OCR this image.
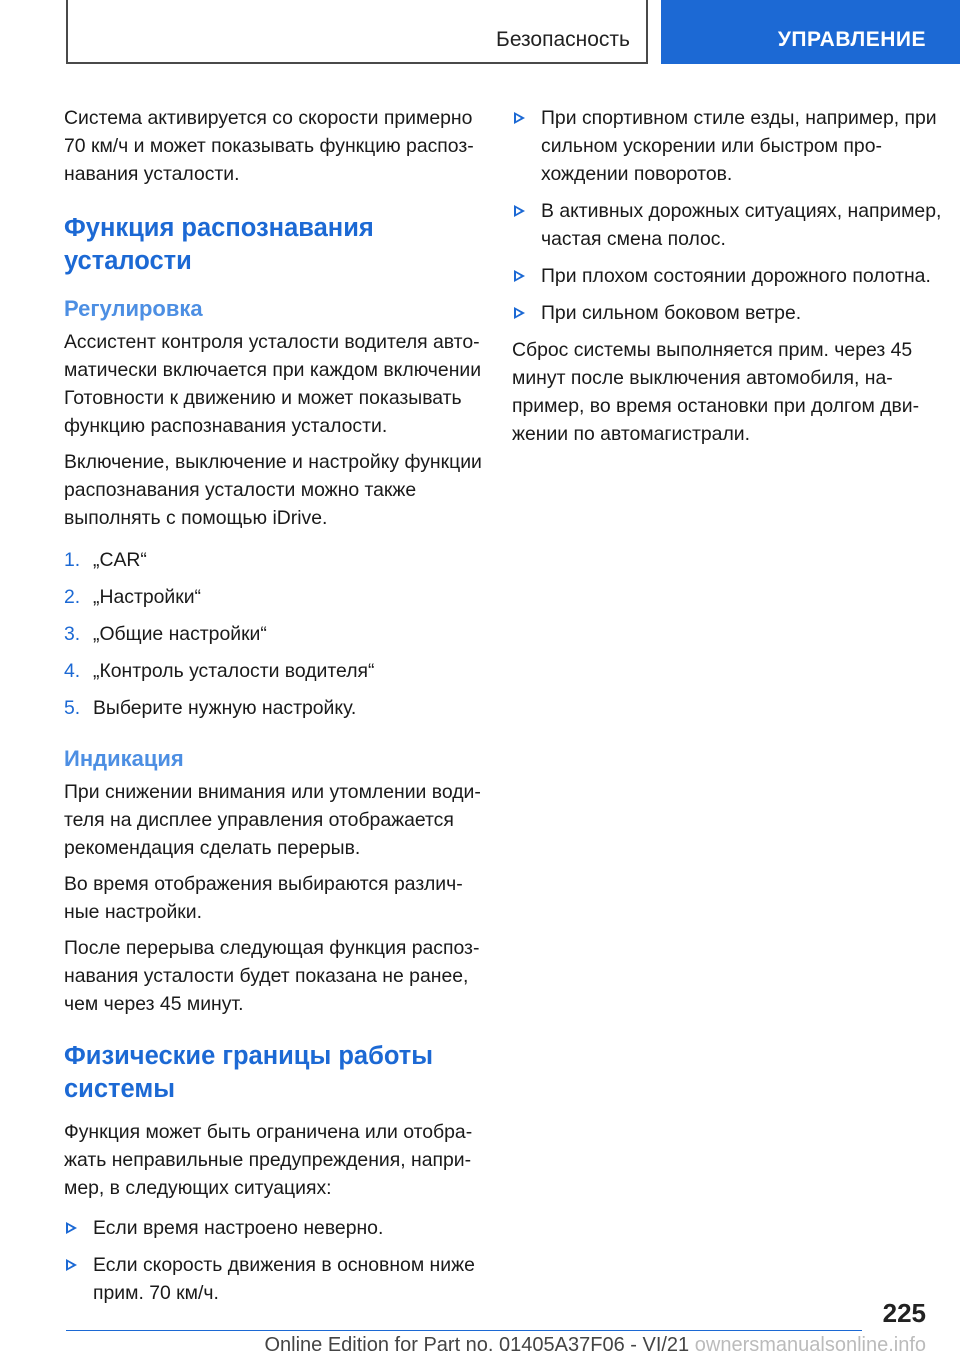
Безопасность	УПРАВЛЕНИЕ

Система активируется со скорости примерно 70 км/ч и может показывать функцию распознавания усталости.

Функция распознавания усталости
Регулировка

Ассистент контроля усталости водителя автоматически включается при каждом включении Готовности к движению и может показывать функцию распознавания усталости.

Включение, выключение и настройку функции распознавания усталости можно также выполнять с помощью iDrive.

1. „CAR“
2. „Настройки“
3. „Общие настройки“
4. „Контроль усталости водителя“
5. Выберите нужную настройку.
Индикация

При снижении внимания или утомлении водителя на дисплее управления отображается рекомендация сделать перерыв.

Во время отображения выбираются различные настройки.

После перерыва следующая функция распознавания усталости будет показана не ранее, чем через 45 минут.

Физические границы работы системы

Функция может быть ограничена или отображать неправильные предупреждения, например, в следующих ситуациях:

Если время настроено неверно.
Если скорость движения в основном ниже прим. 70 км/ч.
При спортивном стиле езды, например, при сильном ускорении или быстром прохождении поворотов.
В активных дорожных ситуациях, например, частая смена полос.
При плохом состоянии дорожного полотна.
При сильном боковом ветре.

Сброс системы выполняется прим. через 45 минут после выключения автомобиля, например, во время остановки при долгом движении по автомагистрали.

225
Online Edition for Part no. 01405A37F06 - VI/21 ownersmanualsonline.info
